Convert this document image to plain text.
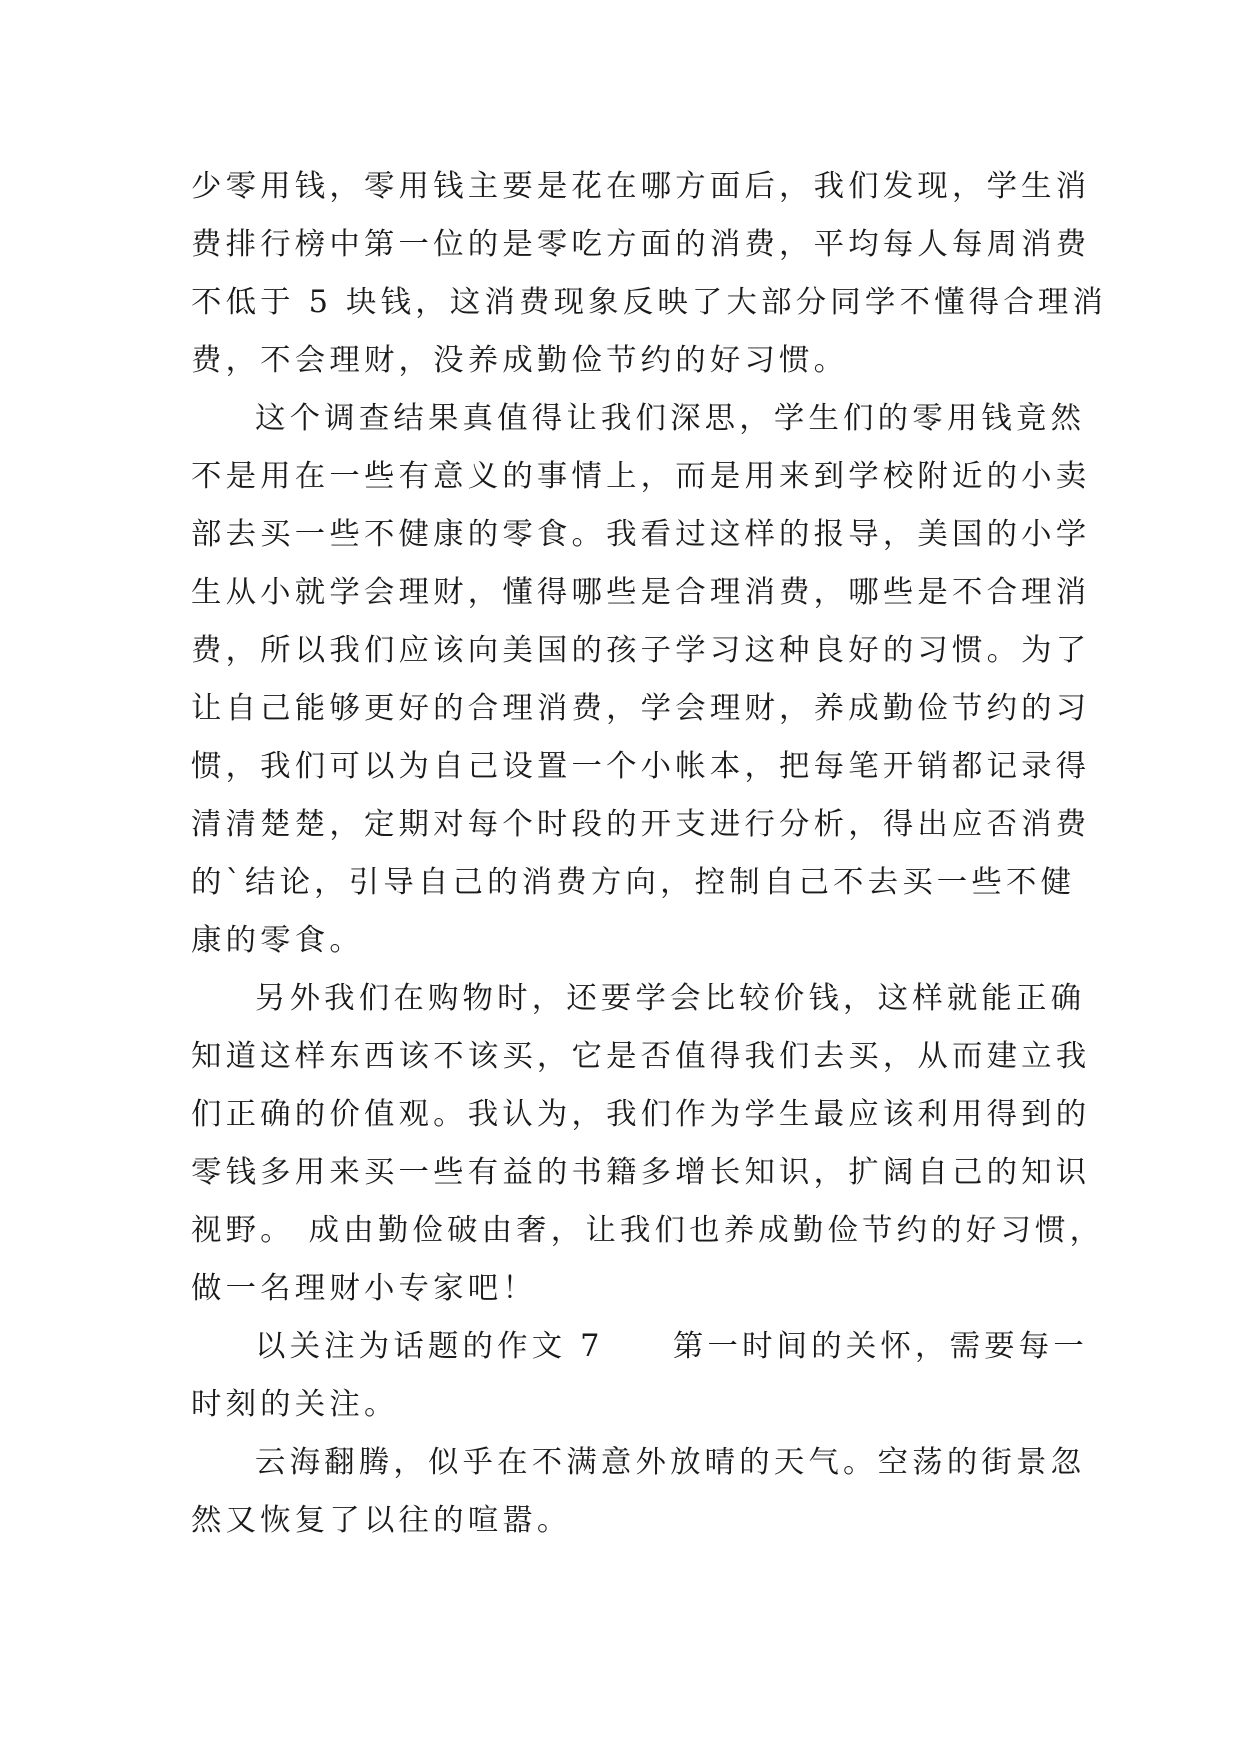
少零用钱，零用钱主要是花在哪方面后，我们发现，学生消
费排行榜中第一位的是零吃方面的消费，平均每人每周消费
不低于 5 块钱，这消费现象反映了大部分同学不懂得合理消
费，不会理财，没养成勤俭节约的好习惯。
这个调查结果真值得让我们深思，学生们的零用钱竟然
不是用在一些有意义的事情上，而是用来到学校附近的小卖
部去买一些不健康的零食。我看过这样的报导，美国的小学
生从小就学会理财，懂得哪些是合理消费，哪些是不合理消
费，所以我们应该向美国的孩子学习这种良好的习惯。为了
让自己能够更好的合理消费，学会理财，养成勤俭节约的习
惯，我们可以为自己设置一个小帐本，把每笔开销都记录得
清清楚楚，定期对每个时段的开支进行分析，得出应否消费
的`结论，引导自己的消费方向，控制自己不去买一些不健
康的零食。
另外我们在购物时，还要学会比较价钱，这样就能正确
知道这样东西该不该买，它是否值得我们去买，从而建立我
们正确的价值观。我认为，我们作为学生最应该利用得到的
零钱多用来买一些有益的书籍多增长知识，扩阔自己的知识
视野。 成由勤俭破由奢，让我们也养成勤俭节约的好习惯，
做一名理财小专家吧！
以关注为话题的作文 7　　第一时间的关怀，需要每一
时刻的关注。
云海翻腾，似乎在不满意外放晴的天气。空荡的街景忽
然又恢复了以往的喧嚣。
